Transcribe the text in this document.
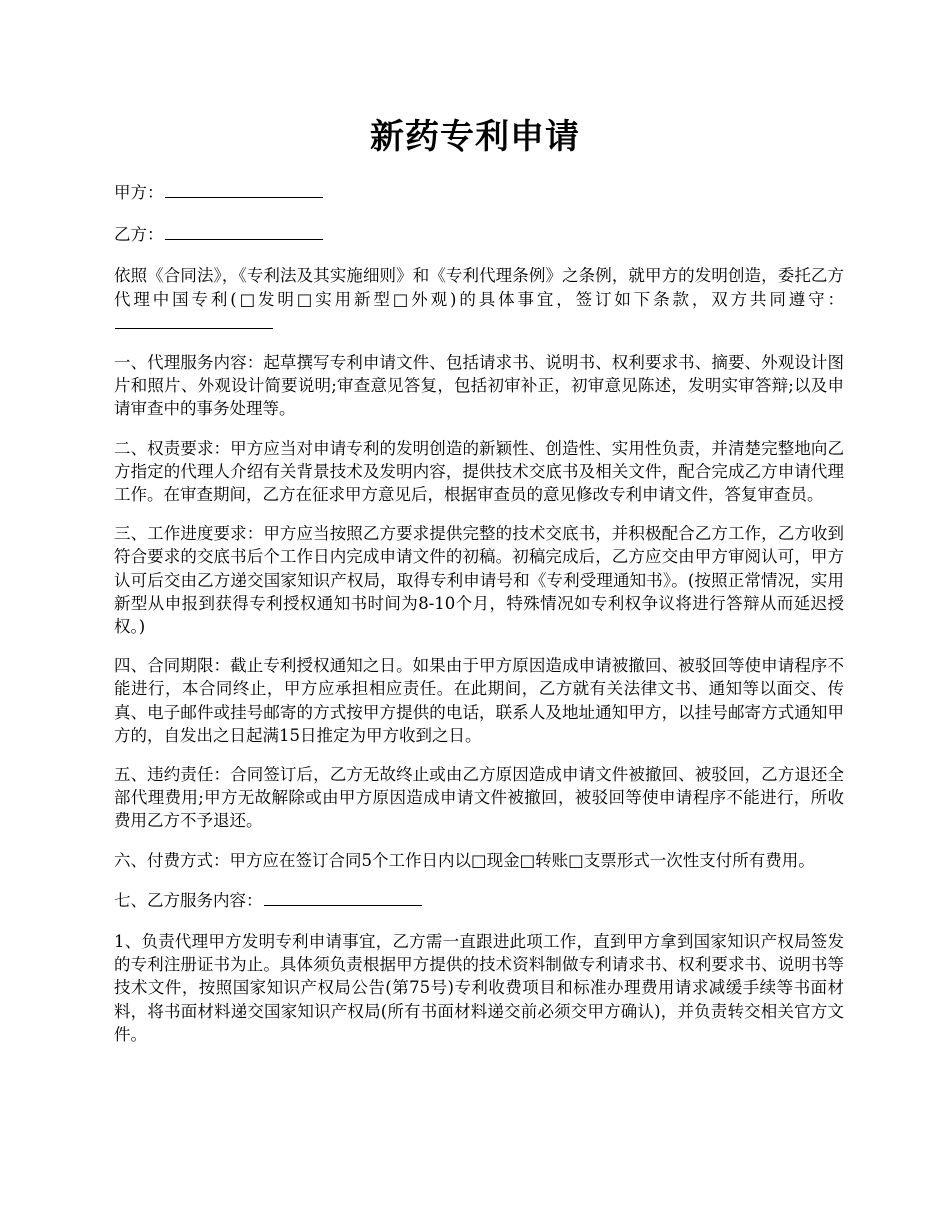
新药专利申请

甲方：

乙方：

依照《合同法》，《专利法及其实施细则》和《专利代理条例》之条例，就甲方的发明创造，委托乙方代理中国专利(□发明□实用新型□外观)的具体事宜，签订如下条款，双方共同遵守：

一、代理服务内容：起草撰写专利申请文件、包括请求书、说明书、权利要求书、摘要、外观设计图片和照片、外观设计简要说明;审查意见答复，包括初审补正，初审意见陈述，发明实审答辩;以及申请审查中的事务处理等。

二、权责要求：甲方应当对申请专利的发明创造的新颖性、创造性、实用性负责，并清楚完整地向乙方指定的代理人介绍有关背景技术及发明内容，提供技术交底书及相关文件，配合完成乙方申请代理工作。在审查期间，乙方在征求甲方意见后，根据审查员的意见修改专利申请文件，答复审查员。

三、工作进度要求：甲方应当按照乙方要求提供完整的技术交底书，并积极配合乙方工作，乙方收到符合要求的交底书后个工作日内完成申请文件的初稿。初稿完成后，乙方应交由甲方审阅认可，甲方认可后交由乙方递交国家知识产权局，取得专利申请号和《专利受理通知书》。(按照正常情况，实用新型从申报到获得专利授权通知书时间为8-10个月，特殊情况如专利权争议将进行答辩从而延迟授权。)

四、合同期限：截止专利授权通知之日。如果由于甲方原因造成申请被撤回、被驳回等使申请程序不能进行，本合同终止，甲方应承担相应责任。在此期间，乙方就有关法律文书、通知等以面交、传真、电子邮件或挂号邮寄的方式按甲方提供的电话，联系人及地址通知甲方，以挂号邮寄方式通知甲方的，自发出之日起满15日推定为甲方收到之日。

五、违约责任：合同签订后，乙方无故终止或由乙方原因造成申请文件被撤回、被驳回，乙方退还全部代理费用;甲方无故解除或由甲方原因造成申请文件被撤回，被驳回等使申请程序不能进行，所收费用乙方不予退还。

六、付费方式：甲方应在签订合同5个工作日内以□现金□转账□支票形式一次性支付所有费用。

七、乙方服务内容：

1、负责代理甲方发明专利申请事宜，乙方需一直跟进此项工作，直到甲方拿到国家知识产权局签发的专利注册证书为止。具体须负责根据甲方提供的技术资料制做专利请求书、权利要求书、说明书等技术文件，按照国家知识产权局公告(第75号)专利收费项目和标准办理费用请求减缓手续等书面材料，将书面材料递交国家知识产权局(所有书面材料递交前必须交甲方确认)，并负责转交相关官方文件。
